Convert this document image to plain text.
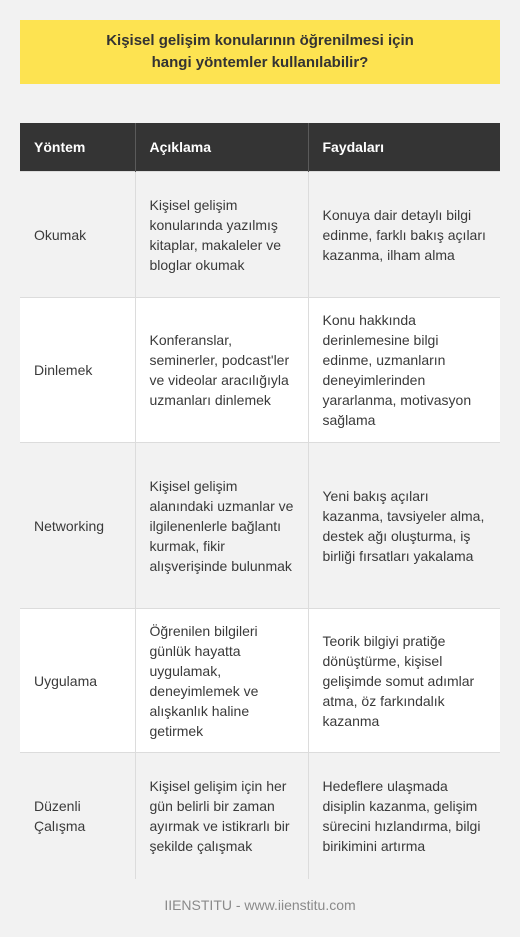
Kişisel gelişim konularının öğrenilmesi için hangi yöntemler kullanılabilir?
Yöntem	Açıklama	Faydaları
Okumak	Kişisel gelişim konularında yazılmış kitaplar, makaleler ve bloglar okumak	Konuya dair detaylı bilgi edinme, farklı bakış açıları kazanma, ilham alma
Dinlemek	Konferanslar, seminerler, podcast'ler ve videolar aracılığıyla uzmanları dinlemek	Konu hakkında derinlemesine bilgi edinme, uzmanların deneyimlerinden yararlanma, motivasyon sağlama
Networking	Kişisel gelişim alanındaki uzmanlar ve ilgilenenlerle bağlantı kurmak, fikir alışverişinde bulunmak	Yeni bakış açıları kazanma, tavsiyeler alma, destek ağı oluşturma, iş birliği fırsatları yakalama
Uygulama	Öğrenilen bilgileri günlük hayatta uygulamak, deneyimlemek ve alışkanlık haline getirmek	Teorik bilgiyi pratiğe dönüştürme, kişisel gelişimde somut adımlar atma, öz farkındalık kazanma
Düzenli Çalışma	Kişisel gelişim için her gün belirli bir zaman ayırmak ve istikrarlı bir şekilde çalışmak	Hedeflere ulaşmada disiplin kazanma, gelişim sürecini hızlandırma, bilgi birikimini artırma
IIENSTITU - www.iienstitu.com
